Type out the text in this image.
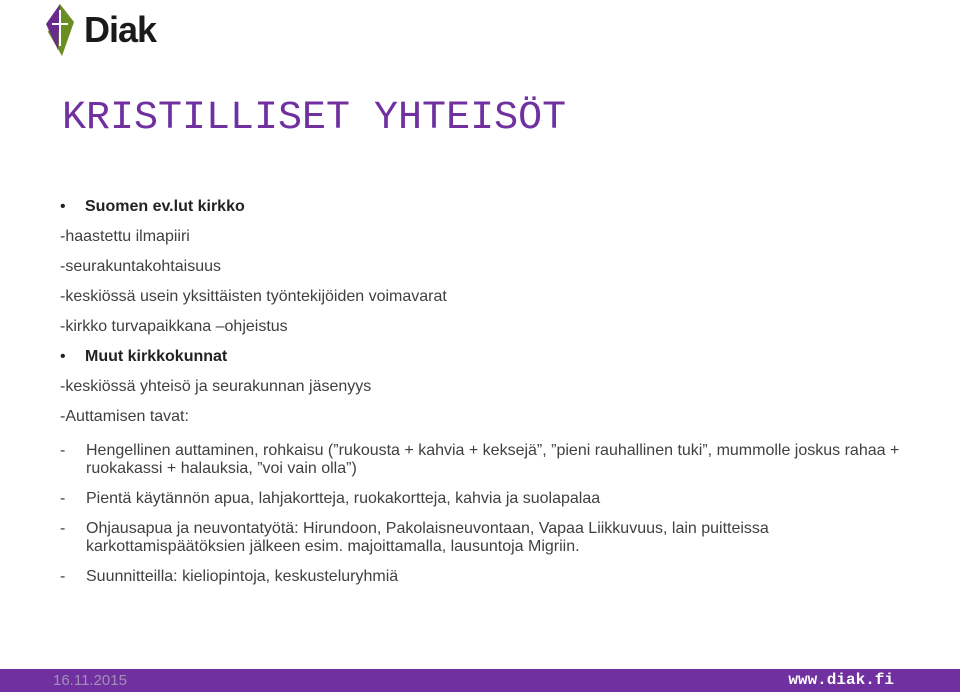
Diak
KRISTILLISET YHTEISÖT
•	Suomen ev.lut kirkko
-haastettu ilmapiiri
-seurakuntakohtaisuus
-keskiössä usein yksittäisten työntekijöiden voimavarat
-kirkko turvapaikkana –ohjeistus
•	Muut kirkkokunnat
-keskiössä yhteisö ja seurakunnan jäsenyys
-Auttamisen tavat:
-	Hengellinen auttaminen, rohkaisu (”rukousta + kahvia + keksejä”, ”pieni rauhallinen tuki”, mummolle joskus rahaa + ruokakassi + halauksia, ”voi vain olla”)
-	Pientä käytännön apua, lahjakortteja, ruokakortteja, kahvia ja suolapalaa
-	Ohjausapua ja neuvontatyötä: Hirundoon, Pakolaisneuvontaan, Vapaa Liikkuvuus, lain puitteissa karkottamispäätöksien jälkeen esim. majoittamalla, lausuntoja Migriin.
-	Suunnitteilla: kieliopintoja, keskusteluryhmiä
16.11.2015	www.diak.fi
